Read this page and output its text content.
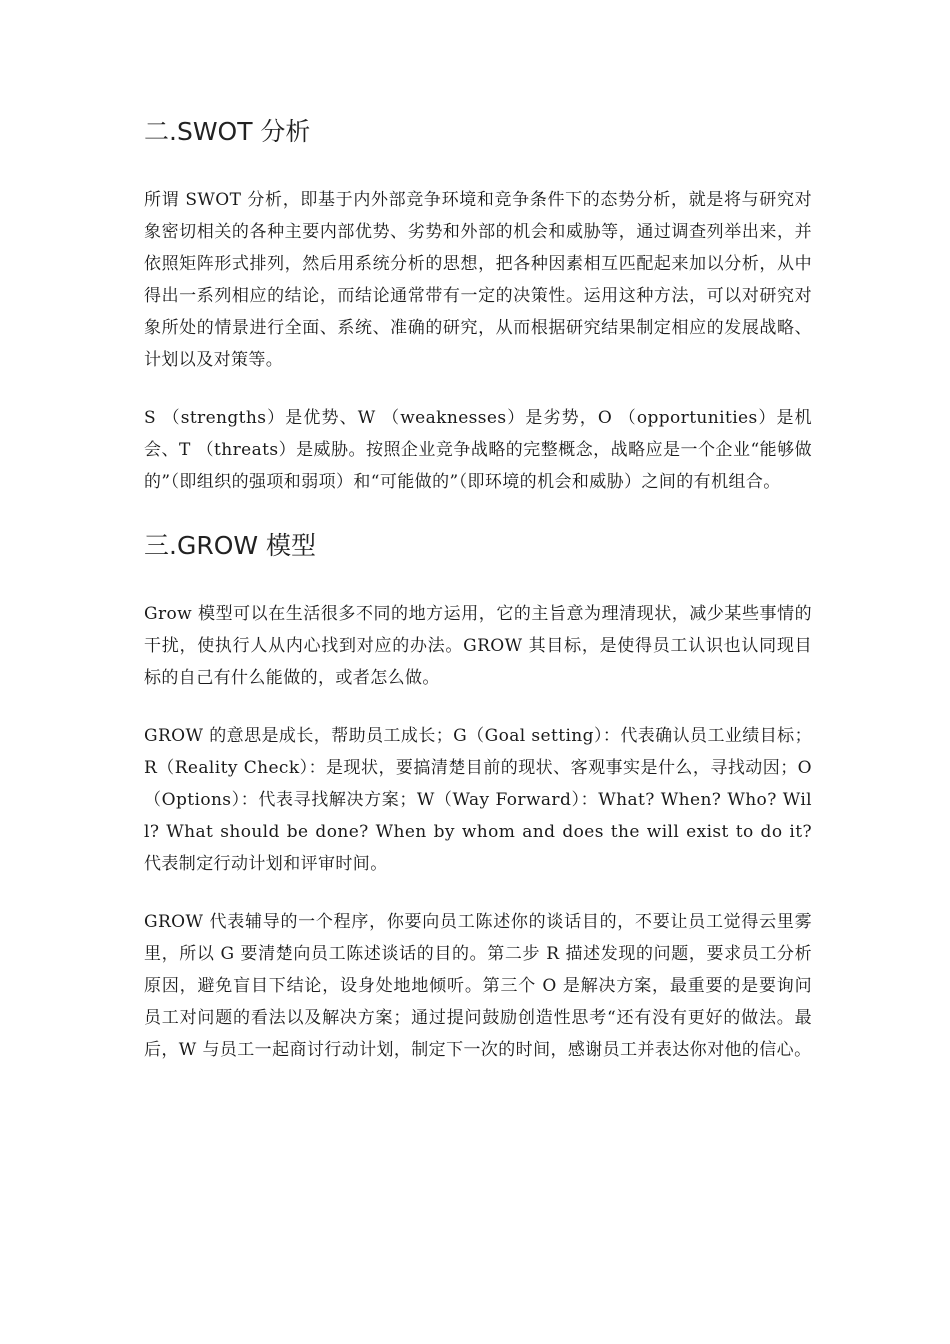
二.SWOT 分析

所谓 SWOT 分析，即基于内外部竞争环境和竞争条件下的态势分析，就是将与研究对象密切相关的各种主要内部优势、劣势和外部的机会和威胁等，通过调查列举出来，并依照矩阵形式排列，然后用系统分析的思想，把各种因素相互匹配起来加以分析，从中得出一系列相应的结论，而结论通常带有一定的决策性。运用这种方法，可以对研究对象所处的情景进行全面、系统、准确的研究，从而根据研究结果制定相应的发展战略、计划以及对策等。

S （strengths）是优势、W （weaknesses）是劣势，O （opportunities）是机会、T （threats）是威胁。按照企业竞争战略的完整概念，战略应是一个企业“能够做的”（即组织的强项和弱项）和“可能做的”（即环境的机会和威胁）之间的有机组合。

三.GROW 模型

Grow 模型可以在生活很多不同的地方运用，它的主旨意为理清现状，减少某些事情的干扰，使执行人从内心找到对应的办法。GROW 其目标，是使得员工认识也认同现目标的自己有什么能做的，或者怎么做。

GROW 的意思是成长，帮助员工成长；G（Goal setting）：代表确认员工业绩目标；R（Reality Check）：是现状，要搞清楚目前的现状、客观事实是什么，寻找动因；O（Options）：代表寻找解决方案；W（Way Forward）：What? When? Who? Will? What should be done? When by whom and does the will exist to do it?代表制定行动计划和评审时间。

GROW 代表辅导的一个程序，你要向员工陈述你的谈话目的，不要让员工觉得云里雾里，所以 G 要清楚向员工陈述谈话的目的。第二步 R 描述发现的问题，要求员工分析原因，避免盲目下结论，设身处地地倾听。第三个 O 是解决方案，最重要的是要询问员工对问题的看法以及解决方案；通过提问鼓励创造性思考“还有没有更好的做法。最后，W 与员工一起商讨行动计划，制定下一次的时间，感谢员工并表达你对他的信心。
